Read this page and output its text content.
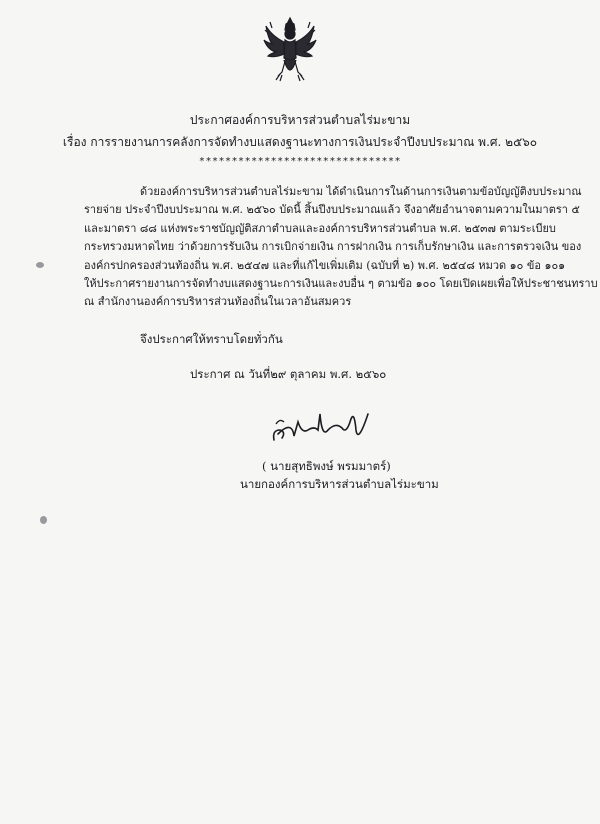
ประกาศองค์การบริหารส่วนตำบลไร่มะขาม
เรื่อง การรายงานการคลังการจัดทำงบแสดงฐานะทางการเงินประจำปีงบประมาณ พ.ศ. ๒๕๖๐
*******************************

ด้วยองค์การบริหารส่วนตำบลไร่มะขาม ได้ดำเนินการในด้านการเงินตามข้อบัญญัติงบประมาณ

รายจ่าย ประจำปีงบประมาณ พ.ศ. ๒๕๖๐ บัดนี้ สิ้นปีงบประมาณแล้ว จึงอาศัยอำนาจตามความในมาตรา ๕

และมาตรา ๘๘ แห่งพระราชบัญญัติสภาตำบลและองค์การบริหารส่วนตำบล พ.ศ. ๒๕๓๗ ตามระเบียบ

กระทรวงมหาดไทย ว่าด้วยการรับเงิน การเบิกจ่ายเงิน การฝากเงิน การเก็บรักษาเงิน และการตรวจเงิน ของ

องค์กรปกครองส่วนท้องถิ่น พ.ศ. ๒๕๔๗ และที่แก้ไขเพิ่มเติม (ฉบับที่ ๒) พ.ศ. ๒๕๔๘ หมวด ๑๐ ข้อ ๑๐๑

ให้ประกาศรายงานการจัดทำงบแสดงฐานะการเงินและงบอื่น ๆ ตามข้อ ๑๐๐ โดยเปิดเผยเพื่อให้ประชาชนทราบ

ณ สำนักงานองค์การบริหารส่วนท้องถิ่นในเวลาอันสมควร

จึงประกาศให้ทราบโดยทั่วกัน
ประกาศ ณ วันที่๒๙ ตุลาคม พ.ศ. ๒๕๖๐
( นายสุทธิพงษ์ พรมมาตร์)
นายกองค์การบริหารส่วนตำบลไร่มะขาม
